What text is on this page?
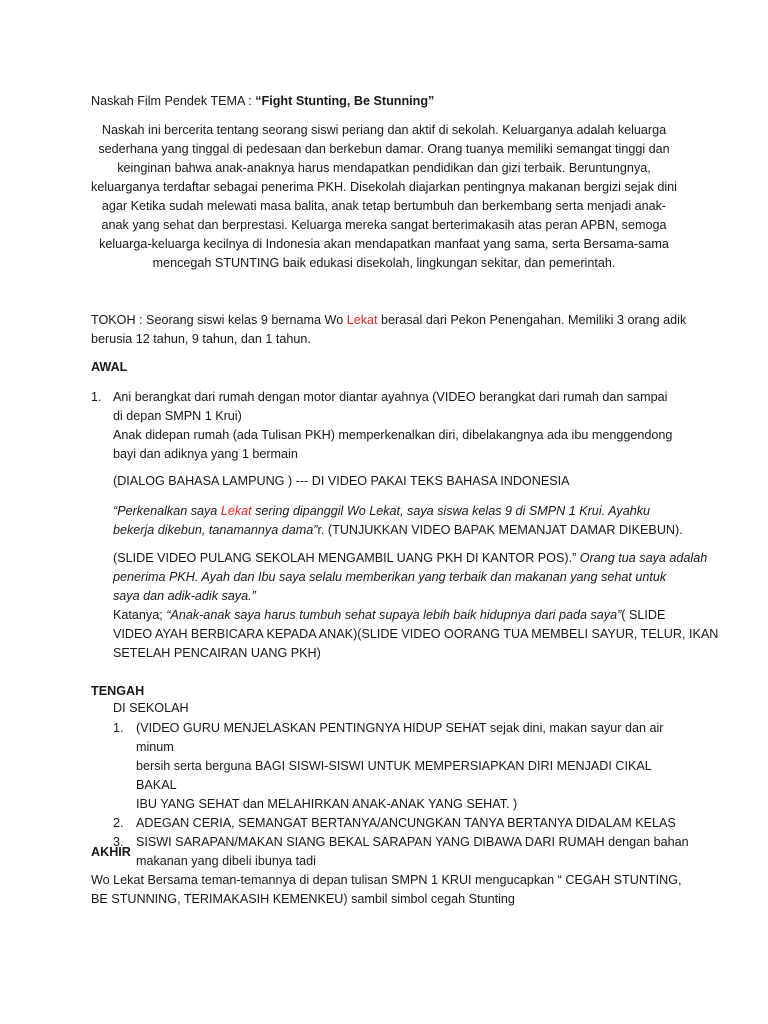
Naskah Film Pendek TEMA : “Fight Stunting, Be Stunning”
Naskah ini bercerita tentang seorang siswi periang dan aktif di sekolah. Keluarganya adalah keluarga
sederhana yang tinggal di pedesaan dan berkebun damar. Orang tuanya memiliki semangat tinggi dan
keinginan bahwa anak-anaknya harus mendapatkan pendidikan dan gizi terbaik. Beruntungnya,
keluarganya terdaftar sebagai penerima PKH. Disekolah diajarkan pentingnya makanan bergizi sejak dini
agar Ketika sudah melewati masa balita, anak tetap bertumbuh dan berkembang serta menjadi anak-
anak yang sehat dan berprestasi. Keluarga mereka sangat berterimakasih atas peran APBN, semoga
keluarga-keluarga kecilnya di Indonesia akan mendapatkan manfaat yang sama, serta Bersama-sama
mencegah STUNTING baik edukasi disekolah, lingkungan sekitar, dan pemerintah.
TOKOH : Seorang siswi kelas 9 bernama Wo Lekat berasal dari Pekon Penengahan. Memiliki 3 orang adik
berusia 12 tahun, 9 tahun, dan 1 tahun.
AWAL
1. Ani berangkat dari rumah dengan motor diantar ayahnya (VIDEO berangkat dari rumah dan sampai
di depan SMPN 1 Krui)
Anak didepan rumah (ada Tulisan PKH) memperkenalkan diri, dibelakangnya ada ibu menggendong
bayi dan adiknya yang 1 bermain
(DIALOG BAHASA LAMPUNG ) --- DI VIDEO PAKAI TEKS BAHASA INDONESIA
“Perkenalkan saya Lekat sering dipanggil Wo Lekat, saya siswa kelas 9 di SMPN 1 Krui. Ayahku
bekerja dikebun, tanamannya dama”r. (TUNJUKKAN VIDEO BAPAK MEMANJAT DAMAR DIKEBUN).
(SLIDE VIDEO PULANG SEKOLAH MENGAMBIL UANG PKH DI KANTOR POS).” Orang tua saya adalah
penerima PKH. Ayah dan Ibu saya selalu memberikan yang terbaik dan makanan yang sehat untuk
saya dan adik-adik saya.”
Katanya; “Anak-anak saya harus tumbuh sehat supaya lebih baik hidupnya dari pada saya”( SLIDE
VIDEO AYAH BERBICARA KEPADA ANAK)(SLIDE VIDEO OORANG TUA MEMBELI SAYUR, TELUR, IKAN
SETELAH PENCAIRAN UANG PKH)
TENGAH
DI SEKOLAH
1. (VIDEO GURU MENJELASKAN PENTINGNYA HIDUP SEHAT sejak dini, makan sayur dan air minum
bersih serta berguna BAGI SISWI-SISWI UNTUK MEMPERSIAPKAN DIRI MENJADI CIKAL BAKAL
IBU YANG SEHAT dan MELAHIRKAN ANAK-ANAK YANG SEHAT. )
2. ADEGAN CERIA, SEMANGAT BERTANYA/ANCUNGKAN TANYA BERTANYA DIDALAM KELAS
3. SISWI SARAPAN/MAKAN SIANG BEKAL SARAPAN YANG DIBAWA DARI RUMAH dengan bahan
makanan yang dibeli ibunya tadi
AKHIR
Wo Lekat Bersama teman-temannya di depan tulisan SMPN 1 KRUI mengucapkan “ CEGAH STUNTING,
BE STUNNING, TERIMAKASIH KEMENKEU) sambil simbol cegah Stunting
